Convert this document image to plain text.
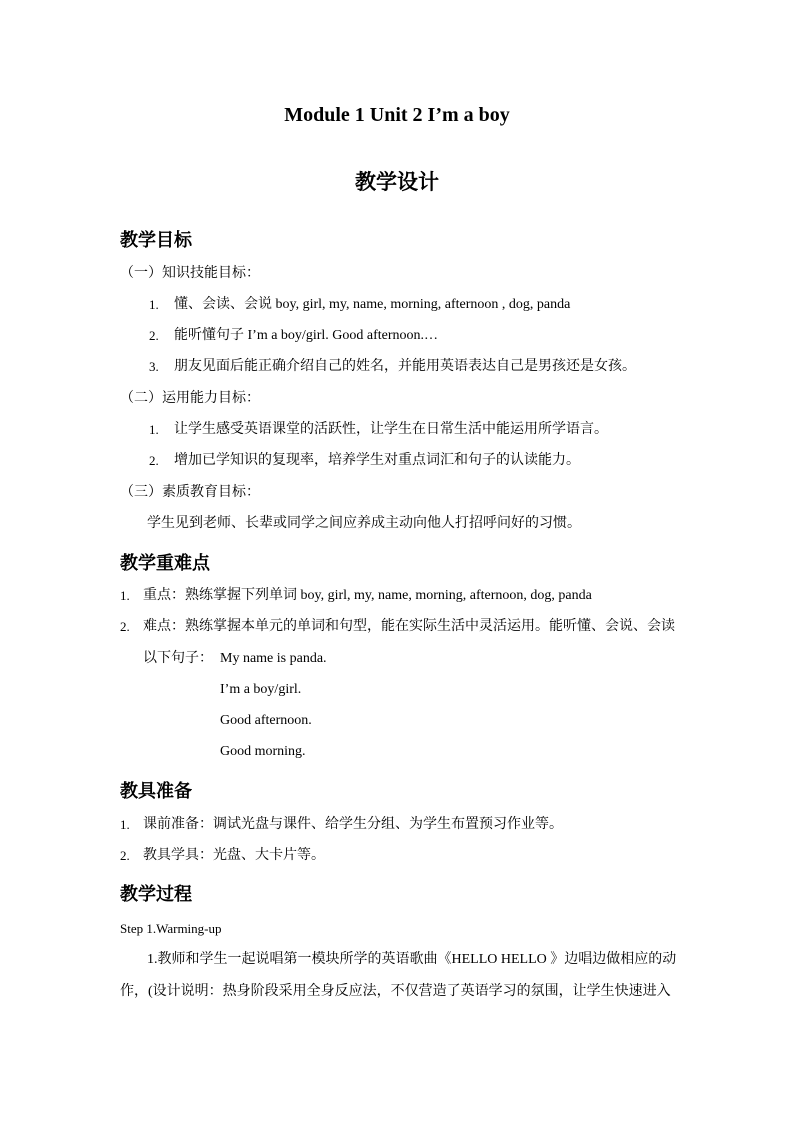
Module 1 Unit 2 I’m a boy
教学设计
教学目标
（一）知识技能目标：
1. 懂、会读、会说 boy, girl, my, name, morning, afternoon , dog, panda
2. 能听懂句子 I’m a boy/girl. Good afternoon.…
3. 朋友见面后能正确介绍自己的姓名，并能用英语表达自己是男孩还是女孩。
（二）运用能力目标：
1. 让学生感受英语课堂的活跃性，让学生在日常生活中能运用所学语言。
2. 增加已学知识的复现率，培养学生对重点词汇和句子的认读能力。
（三）素质教育目标：
学生见到老师、长辈或同学之间应养成主动向他人打招呼问好的习惯。
教学重难点
1. 重点：熟练掌握下列单词 boy, girl, my, name, morning, afternoon, dog, panda
2. 难点：熟练掌握本单元的单词和句型，能在实际生活中灵活运用。能听懂、会说、会读
以下句子： My name is panda.
I’m a boy/girl.
Good afternoon.
Good morning.
教具准备
1. 课前准备：调试光盘与课件、给学生分组、为学生布置预习作业等。
2. 教具学具：光盘、大卡片等。
教学过程
Step 1.Warming-up
1.教师和学生一起说唱第一模块所学的英语歌曲《HELLO HELLO 》边唱边做相应的动
作，(设计说明：热身阶段采用全身反应法，不仅营造了英语学习的氛围，让学生快速进入
